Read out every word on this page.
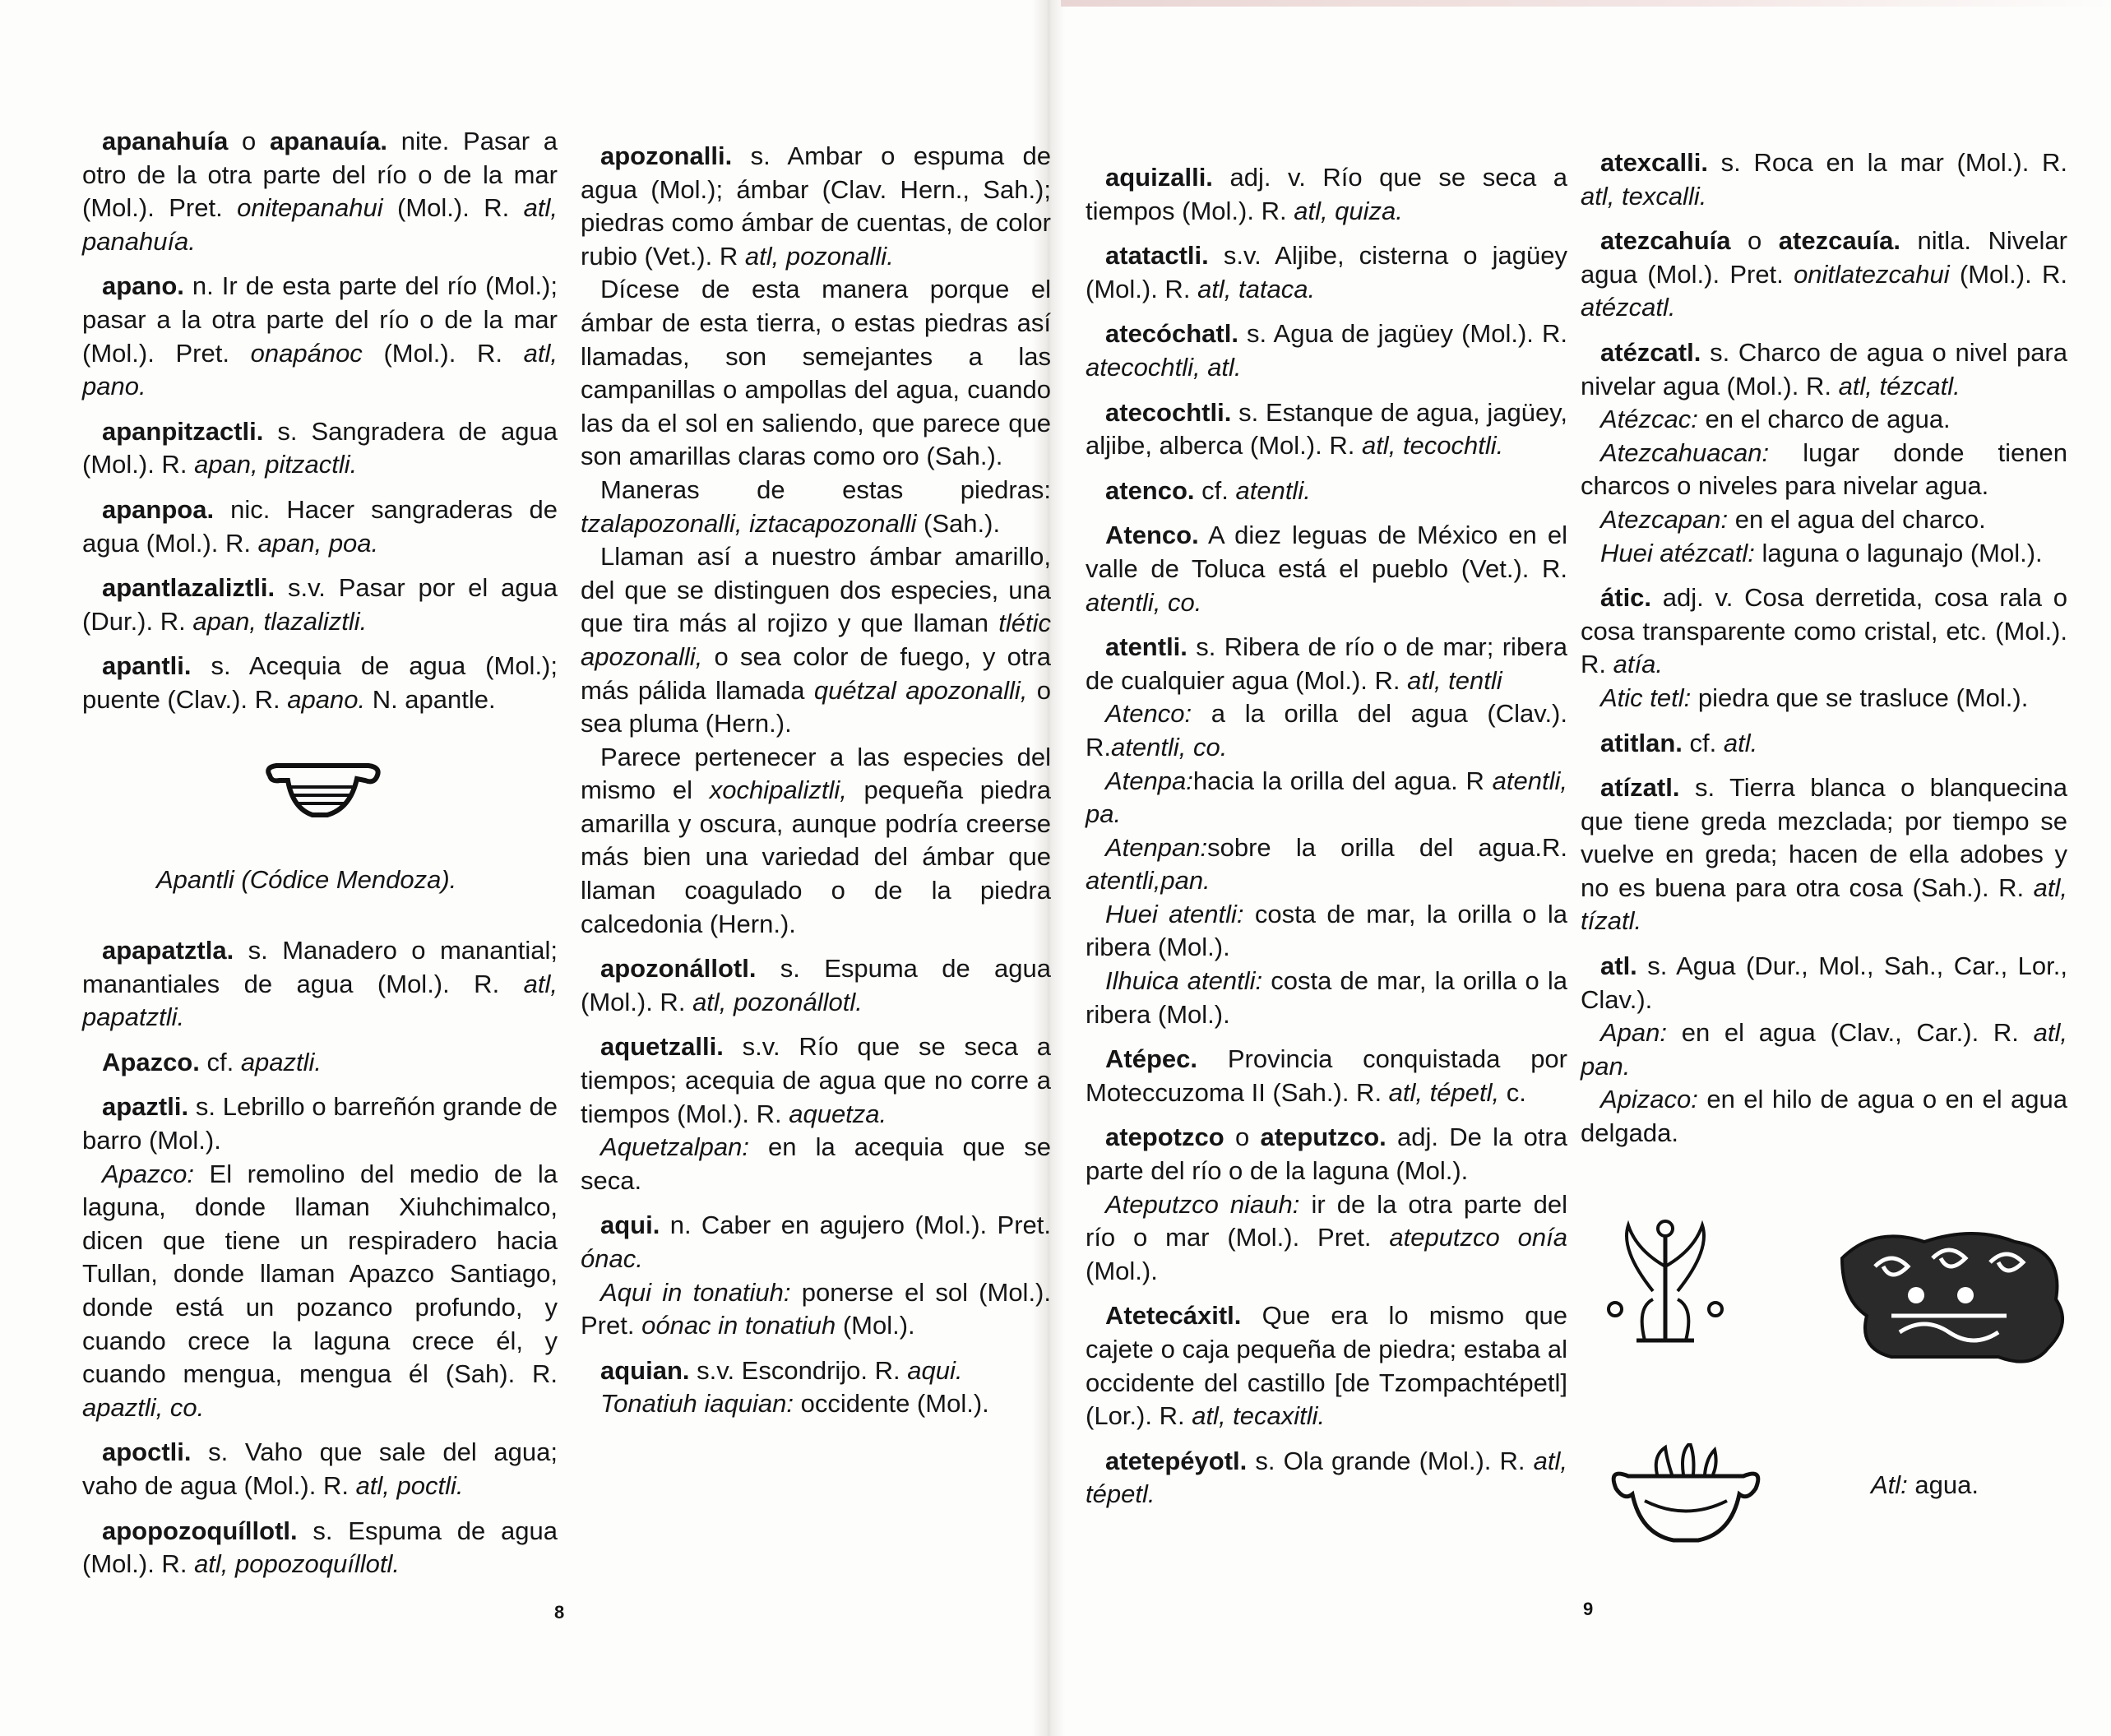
apanahuía o apanauía. nite. Pasar a otro de la otra parte del río o de la mar (Mol.). Pret. onitepanahui (Mol.). R. atl, panahuía.

apano. n. Ir de esta parte del río (Mol.); pasar a la otra parte del río o de la mar (Mol.). Pret. onapánoc (Mol.). R. atl, pano.

apanpitzactli. s. Sangradera de agua (Mol.). R. apan, pitzactli.

apanpoa. nic. Hacer sangraderas de agua (Mol.). R. apan, poa.

apantlazaliztli. s.v. Pasar por el agua (Dur.). R. apan, tlazaliztli.

apantli. s. Acequia de agua (Mol.); puente (Clav.). R. apano. N. apantle.

Apantli (Códice Mendoza).

apapatztla. s. Manadero o manantial; manantiales de agua (Mol.). R. atl, papatztli.

Apazco. cf. apaztli.

apaztli. s. Lebrillo o barreñón grande de barro (Mol.).

Apazco: El remolino del medio de la laguna, donde llaman Xiuhchimalco, dicen que tiene un respiradero hacia Tullan, donde llaman Apazco Santiago, donde está un pozanco profundo, y cuando crece la laguna crece él, y cuando mengua, mengua él (Sah). R. apaztli, co.

apoctli. s. Vaho que sale del agua; vaho de agua (Mol.). R. atl, poctli.

apopozoquíllotl. s. Espuma de agua (Mol.). R. atl, popozoquíllotl.

apozonalli. s. Ambar o espuma de agua (Mol.); ámbar (Clav. Hern., Sah.); piedras como ámbar de cuentas, de color rubio (Vet.). R atl, pozonalli.

Dícese de esta manera porque el ámbar de esta tierra, o estas piedras así llamadas, son semejantes a las campanillas o ampollas del agua, cuando las da el sol en saliendo, que parece que son amarillas claras como oro (Sah.).

Maneras de estas piedras: tzalapozonalli, iztacapozonalli (Sah.).

Llaman así a nuestro ámbar amarillo, del que se distinguen dos especies, una que tira más al rojizo y que llaman tlétic apozonalli, o sea color de fuego, y otra más pálida llamada quétzal apozonalli, o sea pluma (Hern.).

Parece pertenecer a las especies del mismo el xochipaliztli, pequeña piedra amarilla y oscura, aunque podría creerse más bien una variedad del ámbar que llaman coagulado o de la piedra calcedonia (Hern.).

apozonállotl. s. Espuma de agua (Mol.). R. atl, pozonállotl.

aquetzalli. s.v. Río que se seca a tiempos; acequia de agua que no corre a tiempos (Mol.). R. aquetza.

Aquetzalpan: en la acequia que se seca.

aqui. n. Caber en agujero (Mol.). Pret. ónac.

Aqui in tonatiuh: ponerse el sol (Mol.). Pret. oónac in tonatiuh (Mol.).

aquian. s.v. Escondrijo. R. aqui.

Tonatiuh iaquian: occidente (Mol.).

8

aquizalli. adj. v. Río que se seca a tiempos (Mol.). R. atl, quiza.

atatactli. s.v. Aljibe, cisterna o jagüey (Mol.). R. atl, tataca.

atecóchatl. s. Agua de jagüey (Mol.). R. atecochtli, atl.

atecochtli. s. Estanque de agua, jagüey, aljibe, alberca (Mol.). R. atl, tecochtli.

atenco. cf. atentli.

Atenco. A diez leguas de México en el valle de Toluca está el pueblo (Vet.). R. atentli, co.

atentli. s. Ribera de río o de mar; ribera de cualquier agua (Mol.). R. atl, tentli

Atenco: a la orilla del agua (Clav.). R.atentli, co.

Atenpa:hacia la orilla del agua. R atentli, pa.

Atenpan:sobre la orilla del agua.R. atentli,pan.

Huei atentli: costa de mar, la orilla o la ribera (Mol.).

Ilhuica atentli: costa de mar, la orilla o la ribera (Mol.).

Atépec. Provincia conquistada por Moteccuzoma II (Sah.). R. atl, tépetl, c.

atepotzco o ateputzco. adj. De la otra parte del río o de la laguna (Mol.).

Ateputzco niauh: ir de la otra parte del río o mar (Mol.). Pret. ateputzco onía (Mol.).

Atetecáxitl. Que era lo mismo que cajete o caja pequeña de piedra; estaba al occidente del castillo [de Tzompachtépetl] (Lor.). R. atl, tecaxitli.

atetepéyotl. s. Ola grande (Mol.). R. atl, tépetl.

atexcalli. s. Roca en la mar (Mol.). R. atl, texcalli.

atezcahuía o atezcauía. nitla. Nivelar agua (Mol.). Pret. onitlatezcahui (Mol.). R. atézcatl.

atézcatl. s. Charco de agua o nivel para nivelar agua (Mol.). R. atl, tézcatl.

Atézcac: en el charco de agua.

Atezcahuacan: lugar donde tienen charcos o niveles para nivelar agua.

Atezcapan: en el agua del charco.

Huei atézcatl: laguna o lagunajo (Mol.).

átic. adj. v. Cosa derretida, cosa rala o cosa transparente como cristal, etc. (Mol.). R. atía.

Atic tetl: piedra que se trasluce (Mol.).

atitlan. cf. atl.

atízatl. s. Tierra blanca o blanquecina que tiene greda mezclada; por tiempo se vuelve en greda; hacen de ella adobes y no es buena para otra cosa (Sah.). R. atl, tízatl.

atl. s. Agua (Dur., Mol., Sah., Car., Lor., Clav.).

Apan: en el agua (Clav., Car.). R. atl, pan.

Apizaco: en el hilo de agua o en el agua delgada.

Atl: agua.
9
